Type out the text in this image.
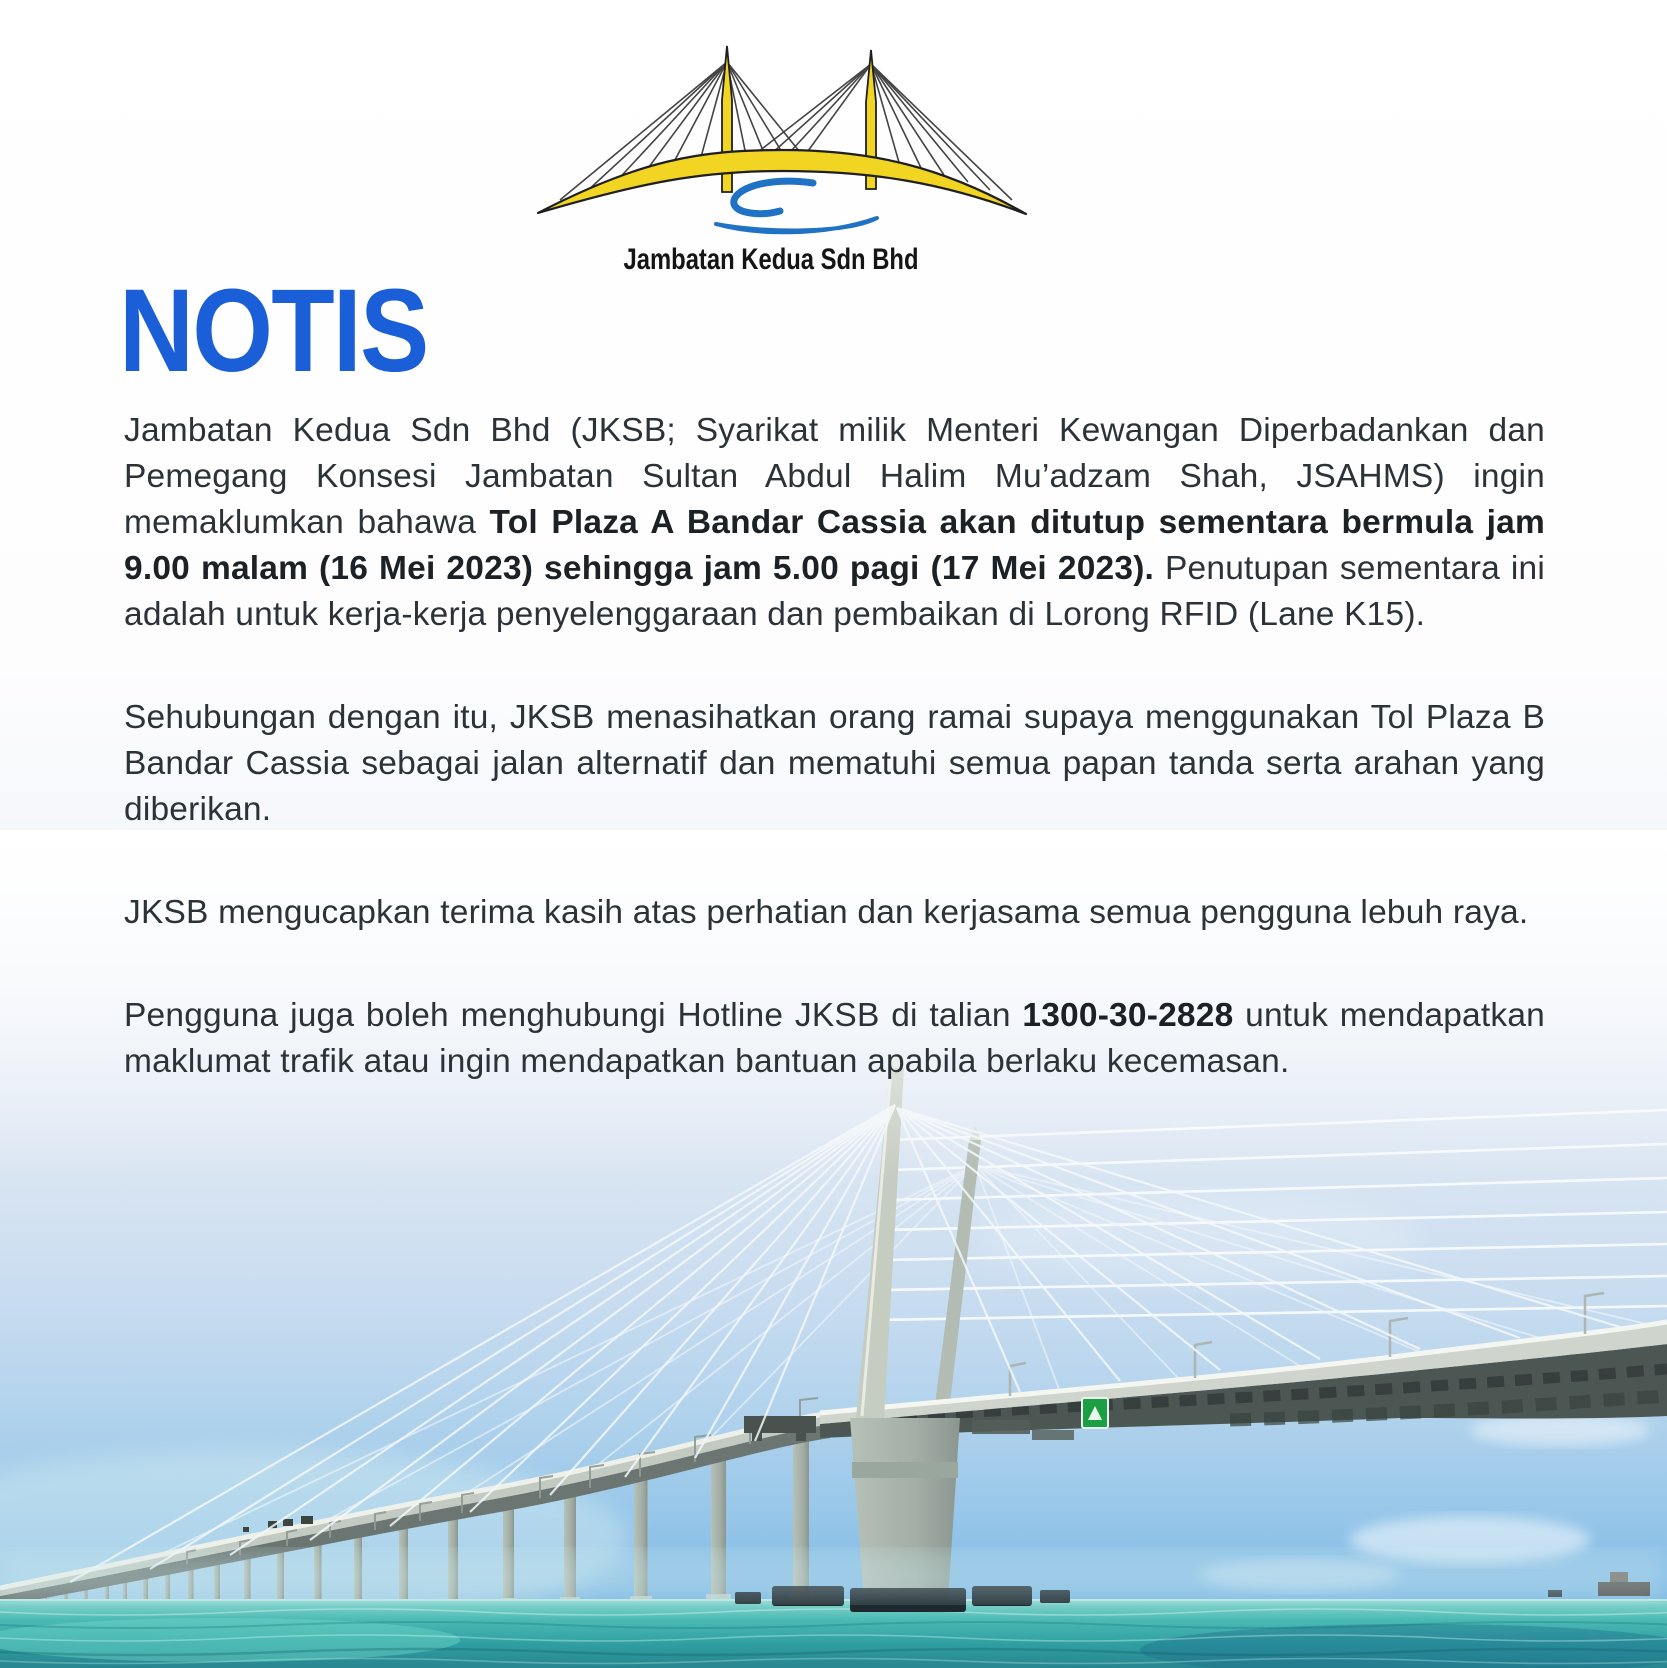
Jambatan Kedua Sdn Bhd
NOTIS

Jambatan Kedua Sdn Bhd (JKSB; Syarikat milik Menteri Kewangan Diperbadankan dan Pemegang Konsesi Jambatan Sultan Abdul Halim Mu’adzam Shah, JSAHMS) ingin memaklumkan bahawa Tol Plaza A Bandar Cassia akan ditutup sementara bermula jam 9.00 malam (16 Mei 2023) sehingga jam 5.00 pagi (17 Mei 2023). Penutupan sementara ini adalah untuk kerja-kerja penyelenggaraan dan pembaikan di Lorong RFID (Lane K15).

Sehubungan dengan itu, JKSB menasihatkan orang ramai supaya menggunakan Tol Plaza B Bandar Cassia sebagai jalan alternatif dan mematuhi semua papan tanda serta arahan yang diberikan.

JKSB mengucapkan terima kasih atas perhatian dan kerjasama semua pengguna lebuh raya.

Pengguna juga boleh menghubungi Hotline JKSB di talian 1300-30-2828 untuk mendapatkan maklumat trafik atau ingin mendapatkan bantuan apabila berlaku kecemasan.
